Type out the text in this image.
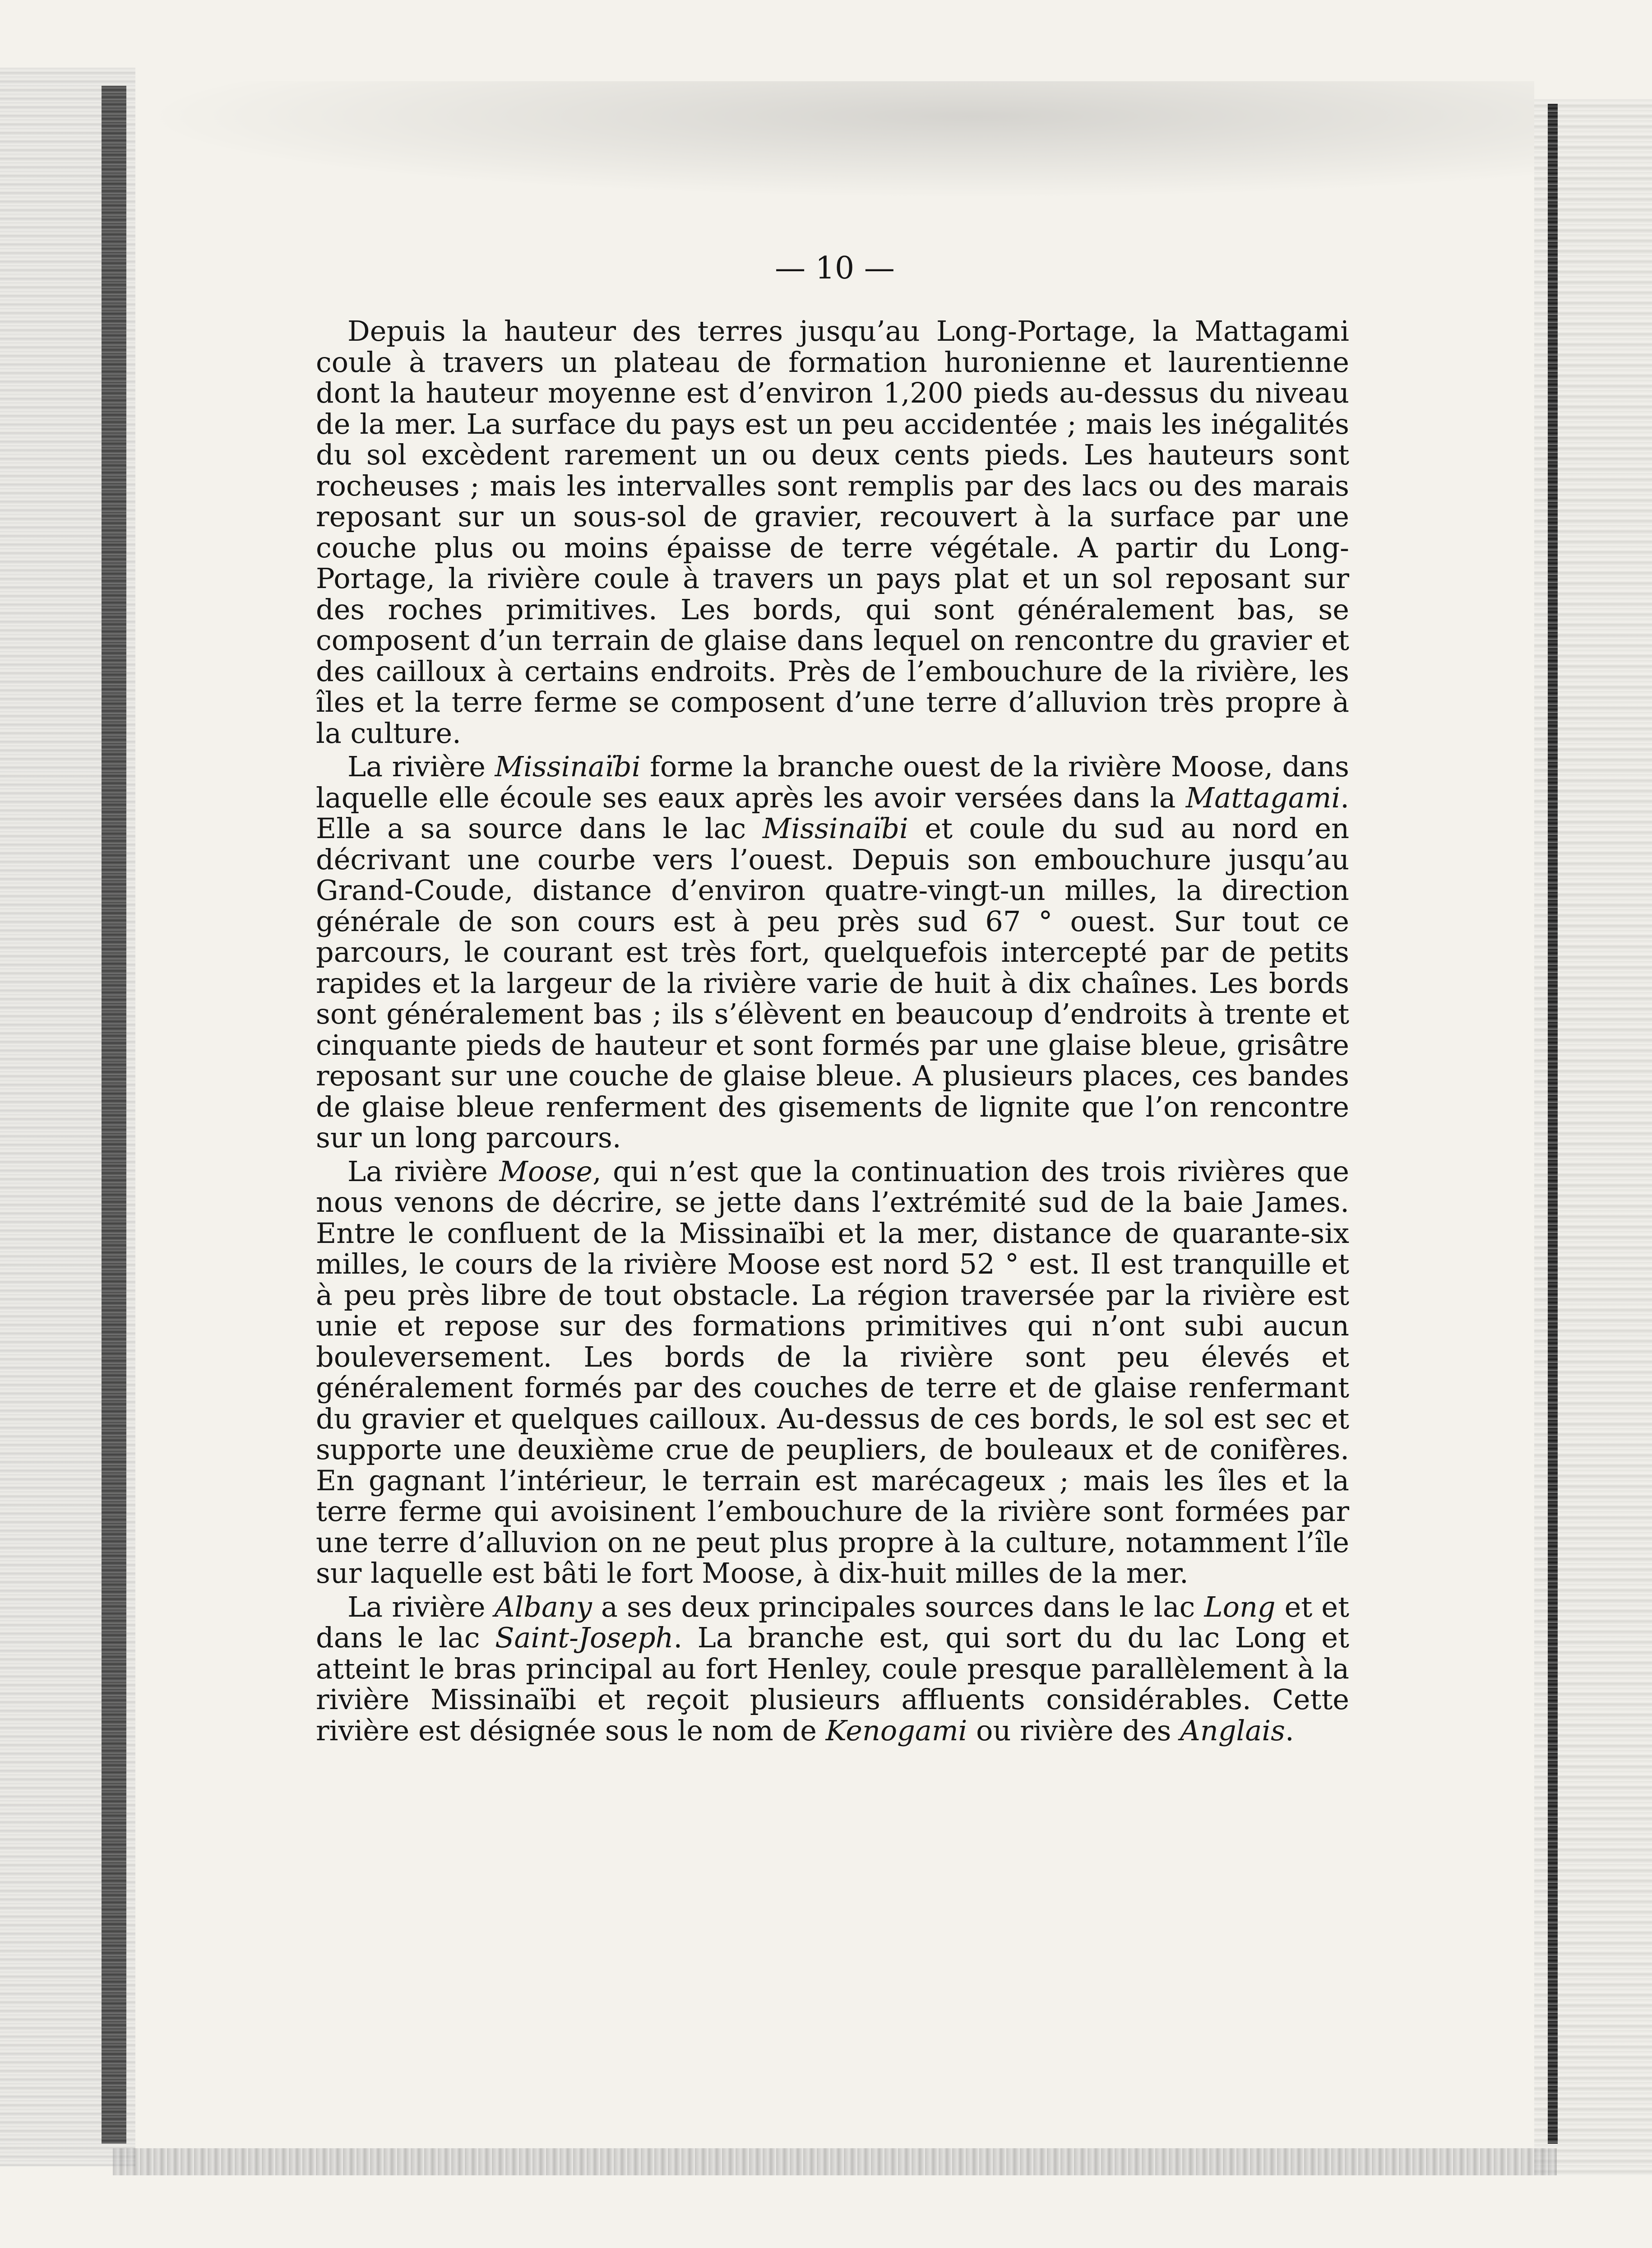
— 10 —

Depuis la hauteur des terres jusqu’au Long-Portage, la Mattagami coule à travers un plateau de formation huronienne et laurentienne dont la hauteur moyenne est d’environ 1,200 pieds au-dessus du niveau de la mer. La surface du pays est un peu accidentée ; mais les inégalités du sol excèdent rarement un ou deux cents pieds. Les hauteurs sont rocheuses ; mais les intervalles sont remplis par des lacs ou des marais reposant sur un sous-sol de gravier, recouvert à la surface par une couche plus ou moins épaisse de terre végétale. A partir du Long-Portage, la rivière coule à travers un pays plat et un sol reposant sur des roches primitives. Les bords, qui sont généralement bas, se composent d’un terrain de glaise dans lequel on rencontre du gravier et des cailloux à certains endroits. Près de l’embouchure de la rivière, les îles et la terre ferme se composent d’une terre d’alluvion très propre à la culture.

La rivière Missinaïbi forme la branche ouest de la rivière Moose, dans laquelle elle écoule ses eaux après les avoir versées dans la Mattagami. Elle a sa source dans le lac Missinaïbi et coule du sud au nord en décrivant une courbe vers l’ouest. Depuis son embouchure jusqu’au Grand-Coude, distance d’environ quatre-vingt-un milles, la direction générale de son cours est à peu près sud 67 ° ouest. Sur tout ce parcours, le courant est très fort, quelquefois intercepté par de petits rapides et la largeur de la rivière varie de huit à dix chaînes. Les bords sont généralement bas ; ils s’élèvent en beaucoup d’endroits à trente et cinquante pieds de hauteur et sont formés par une glaise bleue, grisâtre reposant sur une couche de glaise bleue. A plusieurs places, ces bandes de glaise bleue renferment des gisements de lignite que l’on rencontre sur un long parcours.

La rivière Moose, qui n’est que la continuation des trois rivières que nous venons de décrire, se jette dans l’extrémité sud de la baie James. Entre le confluent de la Missinaïbi et la mer, distance de quarante-six milles, le cours de la rivière Moose est nord 52 ° est. Il est tranquille et à peu près libre de tout obstacle. La région traversée par la rivière est unie et repose sur des formations primitives qui n’ont subi aucun bouleversement. Les bords de la rivière sont peu élevés et généralement formés par des couches de terre et de glaise renfermant du gravier et quelques cailloux. Au-dessus de ces bords, le sol est sec et supporte une deuxième crue de peupliers, de bouleaux et de conifères. En gagnant l’intérieur, le terrain est marécageux ; mais les îles et la terre ferme qui avoisinent l’embouchure de la rivière sont formées par une terre d’alluvion on ne peut plus propre à la culture, notamment l’île sur laquelle est bâti le fort Moose, à dix-huit milles de la mer.

La rivière Albany a ses deux principales sources dans le lac Long et et dans le lac Saint-Joseph. La branche est, qui sort du du lac Long et atteint le bras principal au fort Henley, coule presque parallèlement à la rivière Missinaïbi et reçoit plusieurs affluents considérables. Cette rivière est désignée sous le nom de Kenogami ou rivière des Anglais.
